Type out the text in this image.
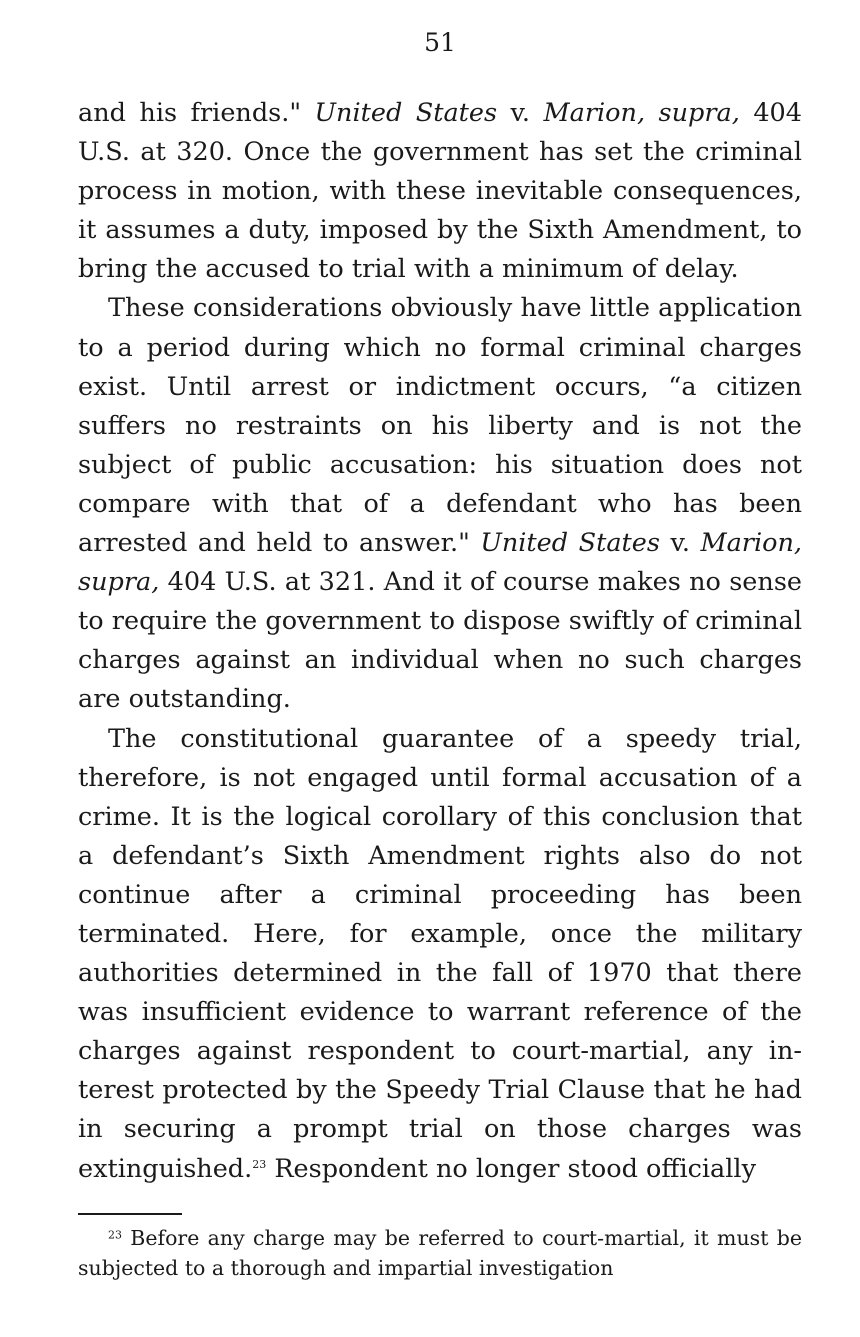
51

and his friends." United States v. Marion, supra, 404 U.S. at 320. Once the government has set the criminal process in motion, with these inevitable consequences, it assumes a duty, imposed by the Sixth Amendment, to bring the accused to trial with a minimum of delay.

These considerations obviously have little application to a period during which no formal criminal charges exist. Until arrest or indictment occurs, “a citizen suffers no restraints on his liberty and is not the subject of public accusation: his situation does not compare with that of a defendant who has been arrested and held to answer." United States v. Marion, supra, 404 U.S. at 321. And it of course makes no sense to require the government to dispose swiftly of criminal charges against an individual when no such charges are outstanding.

The constitutional guarantee of a speedy trial, therefore, is not engaged until formal accusation of a crime. It is the logical corollary of this conclusion that a defendant’s Sixth Amendment rights also do not continue after a criminal proceeding has been terminated. Here, for example, once the military authorities determined in the fall of 1970 that there was insufficient evidence to warrant reference of the charges against respondent to court-martial, any interest protected by the Speedy Trial Clause that he had in securing a prompt trial on those charges was extinguished.$^{23}$ Respondent no longer stood officially

$^{23}$ Before any charge may be referred to court-martial, it must be subjected to a thorough and impartial investigation
